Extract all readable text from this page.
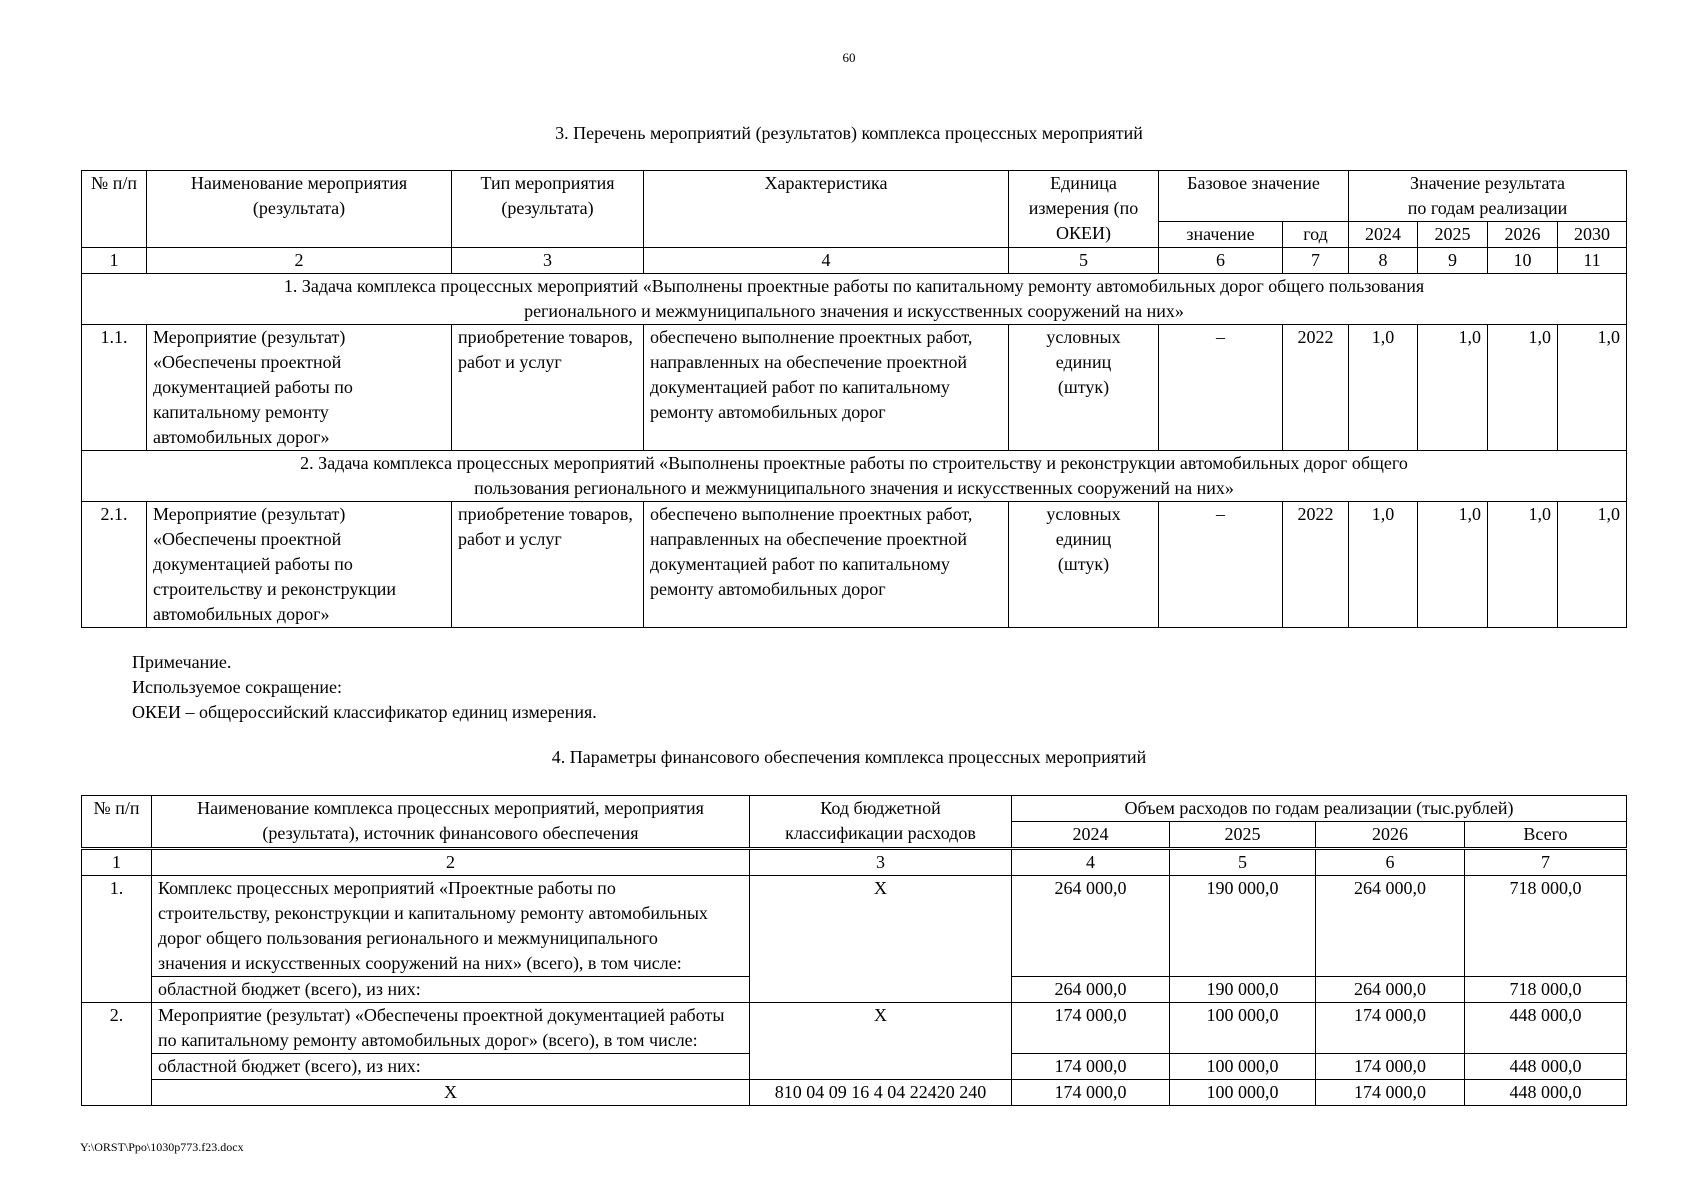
60
3. Перечень мероприятий (результатов) комплекса процессных мероприятий
№ п/п	Наименование мероприятия (результата)	Тип мероприятия (результата)	Характеристика	Единица измерения (по ОКЕИ)	Базовое значение		Значение результата по годам реализации			
					значение	год	2024	2025	2026	2030
1	2	3	4	5	6	7	8	9	10	11
1. Задача комплекса процессных мероприятий «Выполнены проектные работы по капитальному ремонту автомобильных дорог общего пользования регионального и межмуниципального значения и искусственных сооружений на них»										
1.1.	Мероприятие (результат) «Обеспечены проектной документацией работы по капитальному ремонту автомобильных дорог»	приобретение товаров, работ и услуг	обеспечено выполнение проектных работ, направленных на обеспечение проектной документацией работ по капитальному ремонту автомобильных дорог	условных единиц (штук)	–	2022	1,0	1,0	1,0	1,0
2. Задача комплекса процессных мероприятий «Выполнены проектные работы по строительству и реконструкции автомобильных дорог общего пользования регионального и межмуниципального значения и искусственных сооружений на них»										
2.1.	Мероприятие (результат) «Обеспечены проектной документацией работы по строительству и реконструкции автомобильных дорог»	приобретение товаров, работ и услуг	обеспечено выполнение проектных работ, направленных на обеспечение проектной документацией работ по капитальному ремонту автомобильных дорог	условных единиц (штук)	–	2022	1,0	1,0	1,0	1,0
Примечание.
Используемое сокращение:
ОКЕИ – общероссийский классификатор единиц измерения.
4. Параметры финансового обеспечения комплекса процессных мероприятий
№ п/п	Наименование комплекса процессных мероприятий, мероприятия (результата), источник финансового обеспечения	Код бюджетной классификации расходов	Объем расходов по годам реализации (тыс.рублей)			
			2024	2025	2026	Всего
1	2	3	4	5	6	7
1.	Комплекс процессных мероприятий «Проектные работы по строительству, реконструкции и капитальному ремонту автомобильных дорог общего пользования регионального и межмуниципального значения и искусственных сооружений на них» (всего), в том числе:	Х	264 000,0	190 000,0	264 000,0	718 000,0
	областной бюджет (всего), из них:		264 000,0	190 000,0	264 000,0	718 000,0
2.	Мероприятие (результат) «Обеспечены проектной документацией работы по капитальному ремонту автомобильных дорог» (всего), в том числе:	Х	174 000,0	100 000,0	174 000,0	448 000,0
	областной бюджет (всего), из них:		174 000,0	100 000,0	174 000,0	448 000,0
	Х	810 04 09 16 4 04 22420 240	174 000,0	100 000,0	174 000,0	448 000,0
Y:\ORST\Ppo\1030p773.f23.docx
